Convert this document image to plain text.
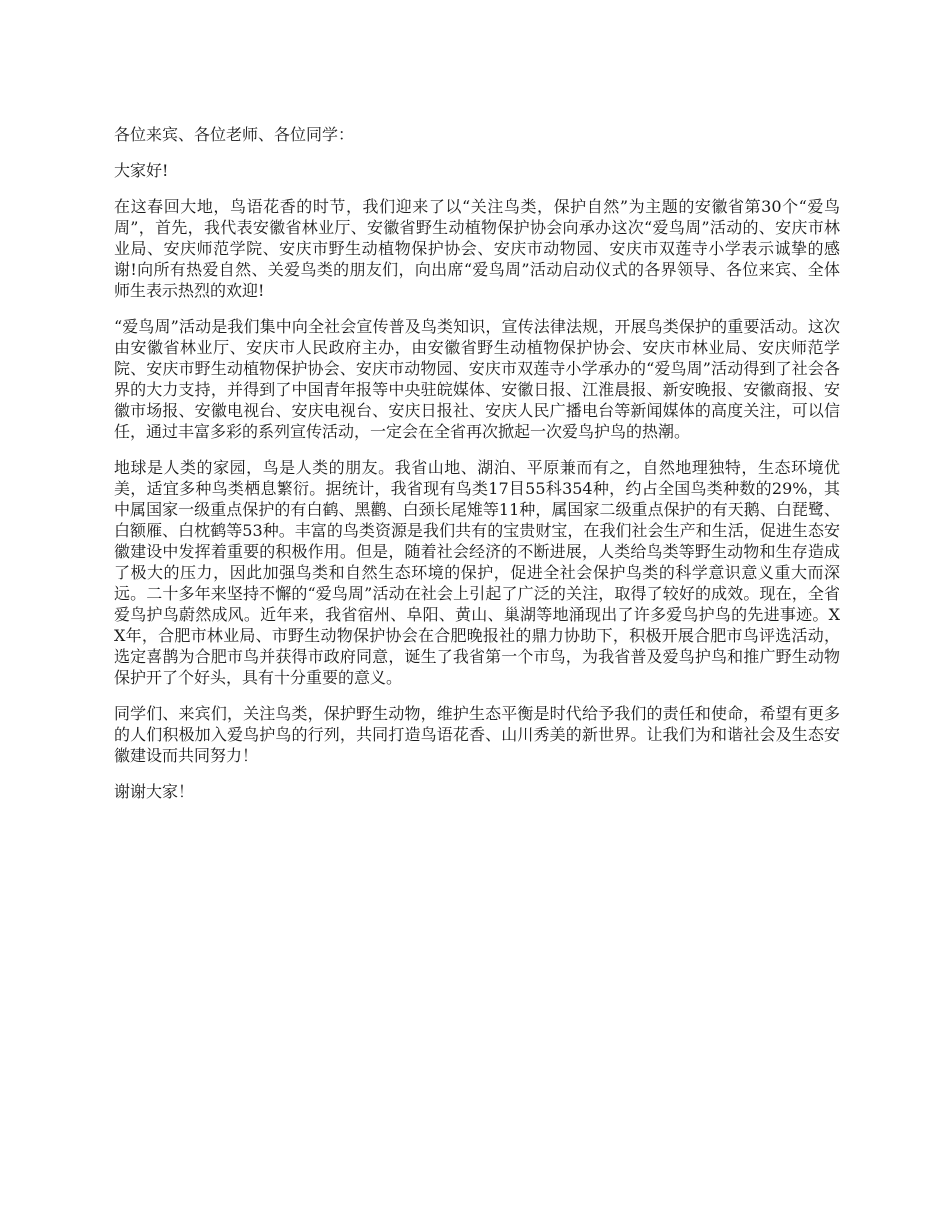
各位来宾、各位老师、各位同学：

大家好!

在这春回大地，鸟语花香的时节，我们迎来了以“关注鸟类，保护自然”为主题的安徽省第30个“爱鸟周”，首先，我代表安徽省林业厅、安徽省野生动植物保护协会向承办这次“爱鸟周”活动的、安庆市林业局、安庆师范学院、安庆市野生动植物保护协会、安庆市动物园、安庆市双莲寺小学表示诚挚的感谢!向所有热爱自然、关爱鸟类的朋友们，向出席“爱鸟周”活动启动仪式的各界领导、各位来宾、全体师生表示热烈的欢迎!

“爱鸟周”活动是我们集中向全社会宣传普及鸟类知识，宣传法律法规，开展鸟类保护的重要活动。这次由安徽省林业厅、安庆市人民政府主办，由安徽省野生动植物保护协会、安庆市林业局、安庆师范学院、安庆市野生动植物保护协会、安庆市动物园、安庆市双莲寺小学承办的“爱鸟周”活动得到了社会各界的大力支持，并得到了中国青年报等中央驻皖媒体、安徽日报、江淮晨报、新安晚报、安徽商报、安徽市场报、安徽电视台、安庆电视台、安庆日报社、安庆人民广播电台等新闻媒体的高度关注，可以信任，通过丰富多彩的系列宣传活动，一定会在全省再次掀起一次爱鸟护鸟的热潮。

地球是人类的家园，鸟是人类的朋友。我省山地、湖泊、平原兼而有之，自然地理独特，生态环境优美，适宜多种鸟类栖息繁衍。据统计，我省现有鸟类17目55科354种，约占全国鸟类种数的29%，其中属国家一级重点保护的有白鹤、黑鹳、白颈长尾雉等11种，属国家二级重点保护的有天鹅、白琵鹭、白额雁、白枕鹤等53种。丰富的鸟类资源是我们共有的宝贵财宝，在我们社会生产和生活，促进生态安徽建设中发挥着重要的积极作用。但是，随着社会经济的不断进展，人类给鸟类等野生动物和生存造成了极大的压力，因此加强鸟类和自然生态环境的保护，促进全社会保护鸟类的科学意识意义重大而深远。二十多年来坚持不懈的“爱鸟周”活动在社会上引起了广泛的关注，取得了较好的成效。现在，全省爱鸟护鸟蔚然成风。近年来，我省宿州、阜阳、黄山、巢湖等地涌现出了许多爱鸟护鸟的先进事迹。XX年，合肥市林业局、市野生动物保护协会在合肥晚报社的鼎力协助下，积极开展合肥市鸟评选活动，选定喜鹊为合肥市鸟并获得市政府同意，诞生了我省第一个市鸟，为我省普及爱鸟护鸟和推广野生动物保护开了个好头，具有十分重要的意义。

同学们、来宾们，关注鸟类，保护野生动物，维护生态平衡是时代给予我们的责任和使命，希望有更多的人们积极加入爱鸟护鸟的行列，共同打造鸟语花香、山川秀美的新世界。让我们为和谐社会及生态安徽建设而共同努力！

谢谢大家！
